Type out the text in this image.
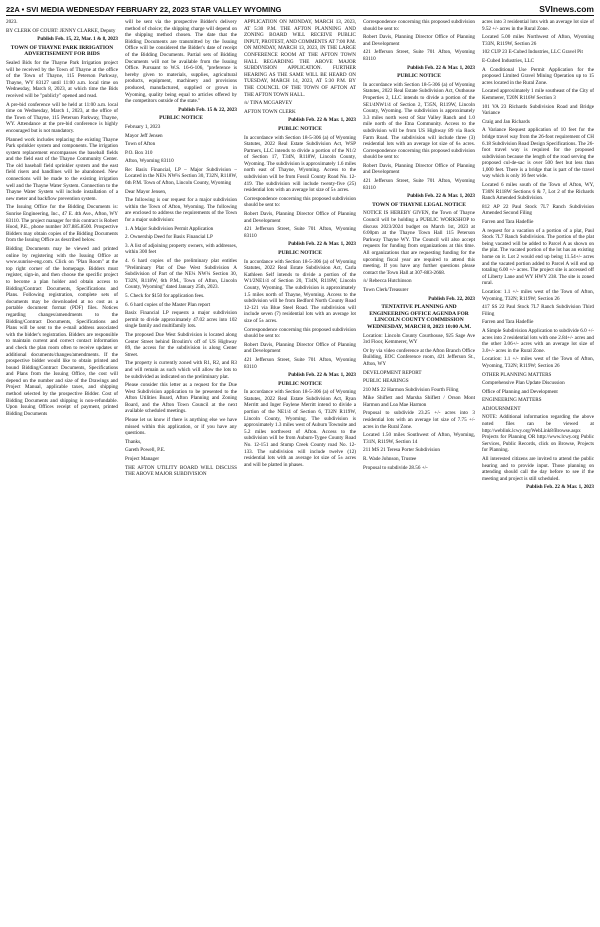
22A • SVI MEDIA WEDNESDAY FEBRUARY 22, 2023 STAR VALLEY WYOMING	SVInews.com

2023.

BY CLERK OF COURT: JENNY CLARKE, Deputy

Publish Feb. 15, 22, Mar. 1 & 8, 2023

TOWN OF THAYNE PARK IRRIGATION ADVERTISEMENT FOR BIDS

Sealed Bids for the Thayne Park Irrigation project will be received by the Town of Thayne at the office of the Town of Thayne, 115 Peterson Parkway, Thayne, WY 83127 until 11:00 a.m. local time on Wednesday, March 8, 2023, at which time the Bids received will be "publicly" opened and read.

A pre-bid conference will be held at 11:00 a.m. local time on Wednesday, March 1, 2023, at the office of the Town of Thayne, 115 Peterson Parkway, Thayne, WY. Attendance at the pre-bid conference is highly encouraged but is not mandatory.

Planned work includes replacing the existing Thayne Park sprinkler system and components. The irrigation system replacement encompasses the baseball fields and the field east of the Thayne Community Center. The old baseball field sprinkler system and the east field risers and handlines will be abandoned. New connections will be made to the existing irrigation well and the Thayne Water System. Connection to the Thayne Water System will include installation of a new meter and backflow prevention system.

The Issuing Office for the Bidding Documents is: Sunrise Engineering, Inc., 47 E. 4th Ave., Afton, WY 83110. The project manager for this contract is Robert Hood, P.E., phone number 307.885.8500. Prospective Bidders may obtain copies of the Bidding Documents from the Issuing Office as described below.

Bidding Documents may be viewed and printed online by registering with the Issuing Office at www.sunrise-eng.com. Click on "Plan Room" at the top right corner of the homepage. Bidders must register, sign-in, and then choose the specific project to become a plan holder and obtain access to Bidding/Contract Documents, Specifications and Plans. Following registration, complete sets of documents may be downloaded at no cost as a portable document format (PDF) files. Notices regarding changes/amendments to the Bidding/Contract Documents, Specifications and Plans will be sent to the e-mail address associated with the bidder's registration. Bidders are responsible to maintain current and correct contact information and check the plan room often to receive updates or additional documents/changes/amendments. If the prospective bidder would like to obtain printed and bound Bidding/Contract Documents, Specifications and Plans from the Issuing Office, the cost will depend on the number and size of the Drawings and Project Manual, applicable taxes, and shipping method selected by the prospective Bidder. Cost of Bidding Documents and shipping is non-refundable. Upon Issuing Offices receipt of payment, printed Bidding Documents

will be sent via the prospective Bidder's delivery method of choice; the shipping charge will depend on the shipping method chosen. The date that the Bidding Documents are transmitted by the Issuing Office will be considered the Bidder's date of receipt of the Bidding Documents. Partial sets of Bidding Documents will not be available from the Issuing Office. Pursuant to W.S. 16-6-106, "preference is hereby given to materials, supplies, agricultural products, equipment, machinery and provisions produced, manufactured, supplied or grown in Wyoming, quality being equal to articles offered by the competitors outside of the state."

Publish Feb. 15 & 22, 2023

PUBLIC NOTICE

February 1, 2023

Mayor Jeff Jensen

Town of Afton

P.O. Box 310

Afton, Wyoming 83110

Re: Basix Financial, LP – Major Subdivision – Located in the NE¼ NW¼ Section 30, T32N, R118W, 6th P.M. Town of Afton, Lincoln County, Wyoming

Dear Mayor Jensen,

The following is our request for a major subdivision within the Town of Afton, Wyoming. The following are enclosed to address the requirements of the Town for a major subdivision:

1. A Major Subdivision Permit Application

2. Ownership Deed for Basix Financial LP

3. A list of adjoining property owners, with addresses, within 300 feet

4. 6 hard copies of the preliminary plat entitles "Preliminary Plat of Due West Subdivision A Subdivision of Part of the NE¼ NW¼ Section 30, T32N, R118W, 6th P.M., Town of Afton, Lincoln County, Wyoming" dated January 25th, 2023.

5. Check for $150 for application fees.

6. 6 hard copies of the Master Plan report

Basix Financial LP requests a major subdivision permit to divide approximately 47.02 acres into 102 single family and multifamily lots.

The proposed Due West Subdivision is located along Center Street behind Broulim's off of US Highway 89, the access for the subdivision is along Center Street.

The property is currently zoned with R1, R2, and R3 and will remain as such which will allow the lots to be subdivided as indicated on the preliminary plat.

Please consider this letter as a request for the Due West Subdivision application to be presented to the Afton Utilities Board, Afton Planning and Zoning Board, and the Afton Town Council at the next available scheduled meetings.

Please let us know if there is anything else we have missed within this application, or if you have any questions.

Thanks,

Gareth Powell, P.E.

Project Manager

THE AFTON UTILITY BOARD WILL DISCUSS THE ABOVE MAJOR SUBDIVISION

APPLICATION ON MONDAY, MARCH 13, 2023, AT 5:30 P.M. THE AFTON PLANNING AND ZONING BOARD WILL RECEIVE PUBLIC INPUT, PROTEST, AND COMMENTS AT 7:00 P.M. ON MONDAY, MARCH 13, 2023, IN THE LARGE CONFERENCE ROOM AT THE AFTON TOWN HALL REGARDING THE ABOVE MAJOR SUBDIVISION APPLICATION. FURTHER HEARING AS THE SAME WILL BE HEARD ON TUESDAY, MARCH 14, 2023, AT 5:30 P.M. BY THE COUNCIL OF THE TOWN OF AFTON AT THE AFTON TOWN HALL.

/s/ TINA MCGARVEY

AFTON TOWN CLERK

Publish Feb. 22 & Mar. 1, 2023

PUBLIC NOTICE

In accordance with Section 18-5-306 (a) of Wyoming Statutes, 2022 Real Estate Subdivision Act, WSP Partners, LLC intends to divide a portion of the N1/2 of Section 17, T34N, R118W, Lincoln County, Wyoming. The subdivision is approximately 1.6 miles north east of Thayne, Wyoming. Access to the subdivision will be from Fossil County Road No. 12-419. The subdivision will include twenty-five (25) residential lots with an average lot size of 5± acres.

Correspondence concerning this proposed subdivision should be sent to:

Robert Davis, Planning Director Office of Planning and Development

421 Jefferson Street, Suite 701 Afton, Wyoming 83110

Publish Feb. 22 & Mar. 1, 2023

PUBLIC NOTICE

In accordance with Section 18-5-306 (a) of Wyoming Statutes, 2022 Real Estate Subdivision Act, Carla Kathleen Self intends to divide a portion of the W1/2NE1/4 of Section 20, T34N, R118W, Lincoln County, Wyoming. The subdivision is approximately 1.5 miles north of Thayne, Wyoming. Access to the subdivision will be from Bedford North County Road 12-121 via Blue Steel Road. The subdivision will include seven (7) residential lots with an average lot size of 5± acres.

Correspondence concerning this proposed subdivision should be sent to:

Robert Davis, Planning Director Office of Planning and Development

421 Jefferson Street, Suite 701 Afton, Wyoming 83110

Publish Feb. 22 & Mar. 1, 2023

PUBLIC NOTICE

In accordance with Section 18-5-306 (a) of Wyoming Statutes, 2022 Real Estate Subdivision Act, Ryan Merritt and Inger Faylene Merritt intend to divide a portion of the NE1/4 of Section 6, T32N R119W, Lincoln County, Wyoming. The subdivision is approximately 1.3 miles west of Auburn Townsite and 5.2 miles northwest of Afton. Access to the subdivision will be from Auburn-Tygee County Road No. 12-151 and Stump Creek County road No. 12-133. The subdivision will include twelve (12) residential lots with an average lot size of 5± acres and will be platted in phases.

Correspondence concerning this proposed subdivision should be sent to:

Robert Davis, Planning Director Office of Planning and Development

421 Jefferson Street, Suite 701 Afton, Wyoming 83110

Publish Feb. 22 & Mar. 1, 2023

PUBLIC NOTICE

In accordance with Section 18-5-306 (a) of Wyoming Statutes, 2022 Real Estate Subdivision Act, Outhouse Properties 2, LLC intends to divide a portion of the SE1/4NW1/4 of Section 2, T35N, R119W, Lincoln County, Wyoming. The subdivision is approximately 3.3 miles north west of Star Valley Ranch and 1.0 mile north of the Etna Community. Access to the subdivision will be from US Highway 89 via Rock Farm Road. The subdivision will include three (3) residential lots with an average lot size of 6± acres. Correspondence concerning this proposed subdivision should be sent to:

Robert Davis, Planning Director Office of Planning and Development

421 Jefferson Street, Suite 701 Afton, Wyoming 83110

Publish Feb. 22 & Mar. 1, 2023

TOWN OF THAYNE LEGAL NOTICE

NOTICE IS HEREBY GIVEN, the Town of Thayne Council will be holding a PUBLIC WORKSHOP to discuss 2023/2024 budget on March 1st, 2023 at 6:00pm at the Thayne Town Hall 115 Peterson Parkway Thayne WY. The Council will also accept requests for funding from organizations at this time. All organizations that are requesting funding for the upcoming fiscal year are required to attend this meeting. If you have any further questions please contact the Town Hall at 307-883-2668.

/s/ Rebecca Hutchinson

Town Clerk/Treasurer

Publish Feb. 22, 2023

TENTATIVE PLANNING AND ENGINEERING OFFICE AGENDA FOR LINCOLN COUNTY COMMISSION WEDNESDAY, MARCH 8, 2023 10:00 A.M.

Location: Lincoln County Courthouse, 925 Sage Ave 3rd Floor, Kemmerer, WY

Or by via video conference at the Afton Branch Office Building, EOC Conference room, 421 Jefferson St., Afton, WY

DEVELOPMENT REPORT

PUBLIC HEARINGS

210 MS 22 Harmon Subdivision Fourth Filing

Mike Shiflett and Marsha Shiflett / Orson Mont Harmon and Loa Mae Harmon

Proposal to subdivide 23.25 +/- acres into 3 residential lots with an average lot size of 7.75 +/- acres in the Rural Zone.

Located 1.50 miles Southwest of Afton, Wyoming, T31N, R119W, Section 14

211 MS 21 Teresa Porter Subdivision

R. Wade Johnson, Trustee

Proposal to subdivide 28.56 +/-

acres into 3 residential lots with an average lot size of 9.52 +/- acres in the Rural Zone.

Located 5.00 miles Northwest of Afton, Wyoming T33N, R119W, Section 26

102 CUP 23 E-Cubed Industries, LLC Gravel Pit

E-Cubed Industries, LLC

A Conditional Use Permit Application for the proposed Limited Gravel Mining Operation up to 15 acres located in the Rural Zone.

Located approximately 1 mile southeast of the City of Kemmerer, T20N R116W Section 3

101 VA 23 Richards Subdivision Road and Bridge Variance

Craig and Jan Richards

A Variance Request application of 10 feet for the bridge travel way from the 26-foot requirement of CH 6.18 Subdivision Road Design Specifications. The 26-foot travel way is required for the proposed subdivision because the length of the road serving the proposed cul-de-sac is over 500 feet but less than 1,000 feet. There is a bridge that is part of the travel way which is only 16 feet wide.

Located 6 miles south of the Town of Afton, WY, T30N R118W Sections 6 & 7, Lot 2 of the Richards Ranch Amended Subdivision.

812 AP 22 Paul Stock 7L7 Ranch Subdivision Amended Second Filing

Farren and Tara Hadeflie

A request for a vacation of a portion of a plat, Paul Stock 7L7 Ranch Subdivision. The portion of the plat being vacated will be added to Parcel A as shown on the plat. The vacated portion of the lot has an existing home on it. Lot 2 would end up being 11.54+/- acres and the vacated portion added to Parcel A will end up totaling 6.00 +/- acres. The project site is accessed off of Liberty Lane and WY HWY 238. The site is zoned rural.

Location: 1.1 +/- miles west of the Town of Afton, Wyoming, T32N; R119W; Section 26

417 SS 22 Paul Stock 7L7 Ranch Subdivision Third Filing

Farren and Tara Hadeflie

A Simple Subdivision Application to subdivide 6.0 +/- acres into 2 residential lots with one 2.84+/- acres and the other 3.06+/- acres with an average lot size of 3.0+/- acres in the Rural Zone.

Location: 1.1 +/- miles west of the Town of Afton, Wyoming, T32N; R119W; Section 26

OTHER PLANNING MATTERS

Comprehensive Plan Update Discussion

Office of Planning and Development

ENGINEERING MATTERS

ADJOURNMENT

NOTE: Additional information regarding the above noted files can be viewed at http://weblink.lcwy.org/WebLink8/Browse.aspx Projects for Planning OR http://www.lcwy.org Public Services, Public Records, click on Browse, Projects for Planning.

All interested citizens are invited to attend the public hearing and to provide input. Those planning on attending should call the day before to see if the meeting and project is still scheduled.

Publish Feb. 22 & Mar. 1, 2023
